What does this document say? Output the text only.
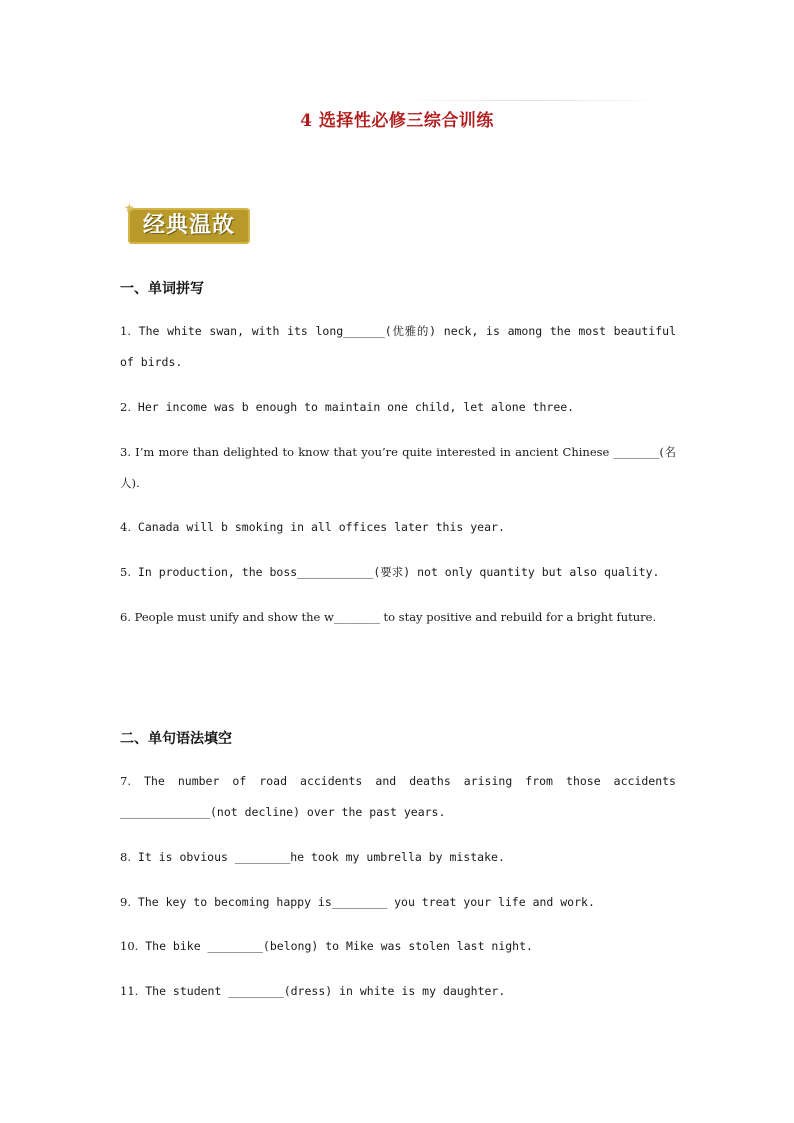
4 选择性必修三综合训练
经典温故
★
一、单词拼写
1. The white swan, with its long______(优雅的) neck, is among the most beautiful of birds.
2. Her income was b enough to maintain one child, let alone three.
3. I’m more than delighted to know that you’re quite interested in ancient Chinese ________(名人).
4. Canada will b smoking in all offices later this year.
5. In production, the boss___________(要求) not only quantity but also quality.
6. People must unify and show the w________ to stay positive and rebuild for a bright future.
二、单句语法填空
7. The number of road accidents and deaths arising from those accidents _____________(not decline) over the past years.
8. It is obvious ________he took my umbrella by mistake.
9. The key to becoming happy is________ you treat your life and work.
10. The bike ________(belong) to Mike was stolen last night.
11. The student ________(dress) in white is my daughter.
